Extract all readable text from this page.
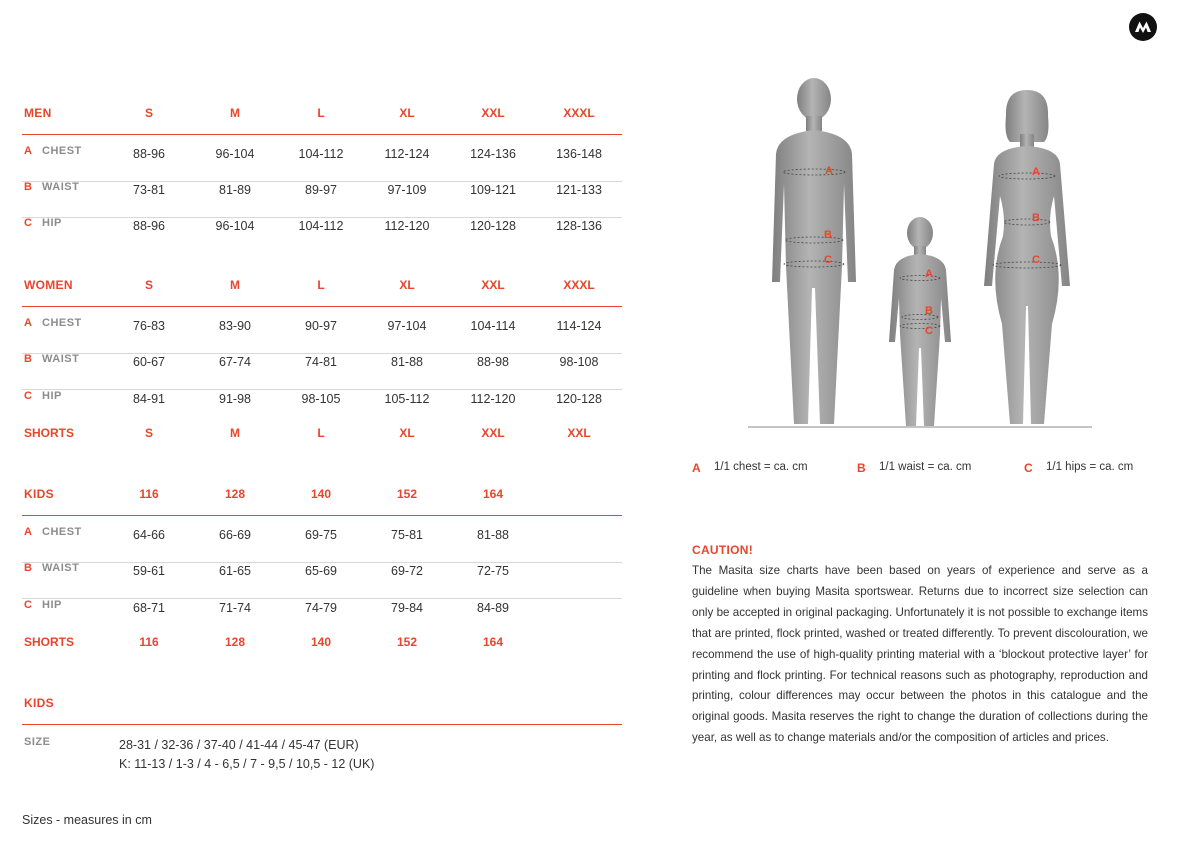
MEN	S	M	L	XL	XXL	XXXL
A CHEST	88-96	96-104	104-112	112-124	124-136	136-148
B WAIST	73-81	81-89	89-97	97-109	109-121	121-133
C HIP	88-96	96-104	104-112	112-120	120-128	128-136
WOMEN	S	M	L	XL	XXL	XXXL
A CHEST	76-83	83-90	90-97	97-104	104-114	114-124
B WAIST	60-67	67-74	74-81	81-88	88-98	98-108
C HIP	84-91	91-98	98-105	105-112	112-120	120-128
SHORTS	S	M	L	XL	XXL	XXL
KIDS	116	128	140	152	164
A CHEST	64-66	66-69	69-75	75-81	81-88
B WAIST	59-61	61-65	65-69	69-72	72-75
C HIP	68-71	71-74	74-79	79-84	84-89
SHORTS	116	128	140	152	164
KIDS
SIZE	28-31 / 32-36 / 37-40 / 41-44 / 45-47 (EUR)
K: 11-13 / 1-3 / 4 - 6,5 / 7 - 9,5 / 10,5 - 12 (UK)
Sizes - measures in cm
A
B
C
A
B
C
A
B
C
A 1/1 chest = ca. cm	B 1/1 waist = ca. cm	C 1/1 hips = ca. cm
CAUTION!
The Masita size charts have been based on years of experience and serve as a guideline when buying Masita sportswear. Returns due to incorrect size selection can only be accepted in original packaging. Unfortunately it is not possible to exchange items that are printed, flock printed, washed or treated differently. To prevent discolouration, we recommend the use of high-quality printing material with a ‘blockout protective layer’ for printing and flock printing. For technical reasons such as photography, reproduction and printing, colour differences may occur between the photos in this catalogue and the original goods. Masita reserves the right to change the duration of collections during the year, as well as to change materials and/or the composition of articles and prices.
